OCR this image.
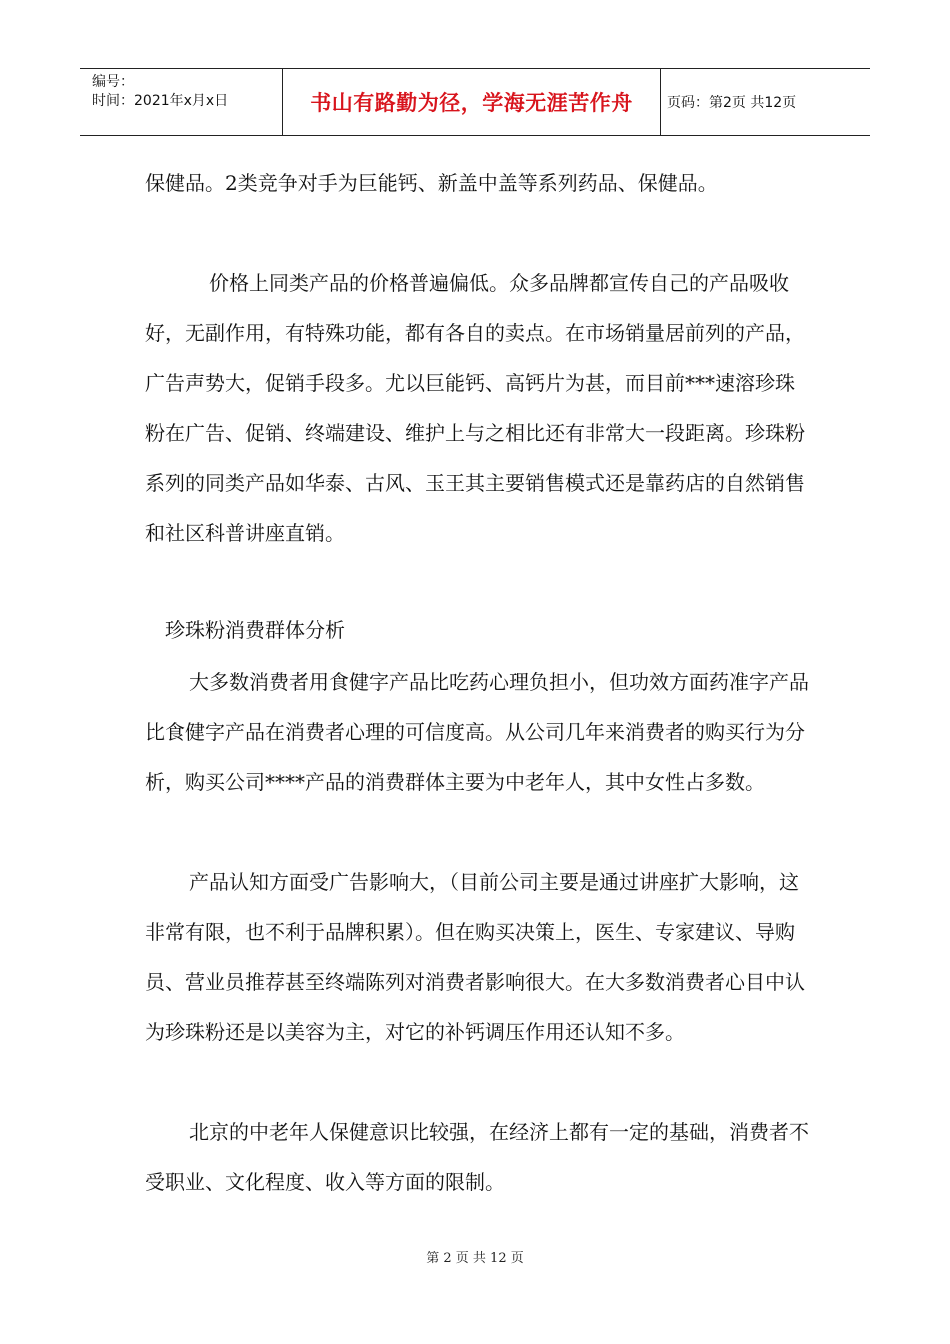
编号：
时间：2021年x月x日	书山有路勤为径，学海无涯苦作舟	页码：第2页 共12页

保健品。2类竞争对手为巨能钙、新盖中盖等系列药品、保健品。

价格上同类产品的价格普遍偏低。众多品牌都宣传自己的产品吸收好，无副作用，有特殊功能，都有各自的卖点。在市场销量居前列的产品，广告声势大，促销手段多。尤以巨能钙、高钙片为甚，而目前***速溶珍珠粉在广告、促销、终端建设、维护上与之相比还有非常大一段距离。珍珠粉系列的同类产品如华泰、古风、玉王其主要销售模式还是靠药店的自然销售和社区科普讲座直销。

珍珠粉消费群体分析

大多数消费者用食健字产品比吃药心理负担小，但功效方面药准字产品比食健字产品在消费者心理的可信度高。从公司几年来消费者的购买行为分析，购买公司****产品的消费群体主要为中老年人，其中女性占多数。

产品认知方面受广告影响大，（目前公司主要是通过讲座扩大影响，这非常有限，也不利于品牌积累）。但在购买决策上，医生、专家建议、导购员、营业员推荐甚至终端陈列对消费者影响很大。在大多数消费者心目中认为珍珠粉还是以美容为主，对它的补钙调压作用还认知不多。

北京的中老年人保健意识比较强，在经济上都有一定的基础，消费者不受职业、文化程度、收入等方面的限制。

第 2 页 共 12 页
